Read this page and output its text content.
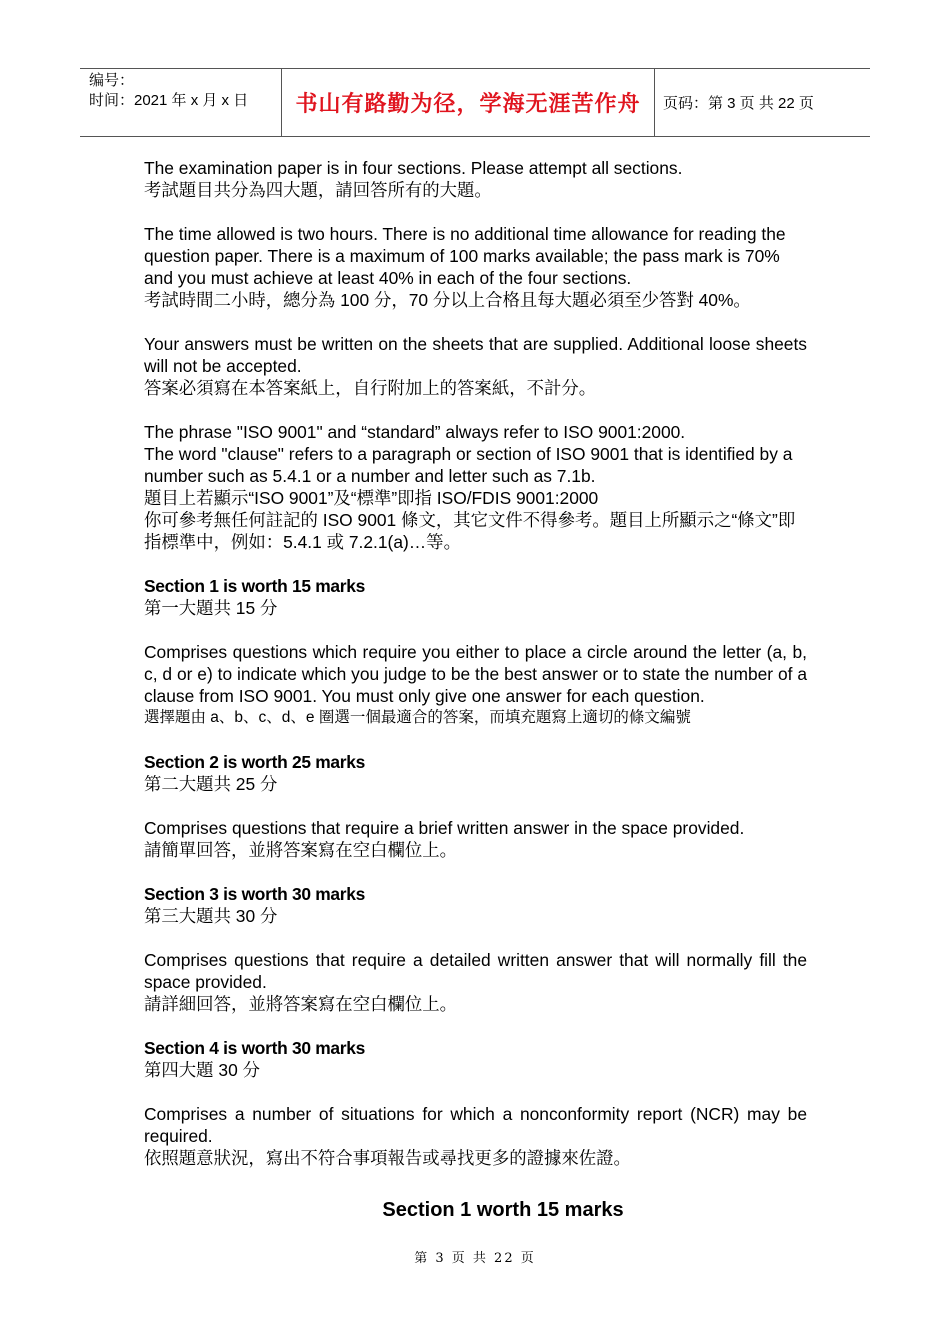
编号：
时间：2021 年 x 月 x 日 书山有路勤为径，学海无涯苦作舟 页码：第 3 页 共 22 页

The examination paper is in four sections. Please attempt all sections.

考試題目共分為四大題，請回答所有的大題。

The time allowed is two hours. There is no additional time allowance for reading the question paper. There is a maximum of 100 marks available; the pass mark is 70% and you must achieve at least 40% in each of the four sections.

考試時間二小時，總分為 100 分，70 分以上合格且每大題必須至少答對 40%。

Your answers must be written on the sheets that are supplied. Additional loose sheets will not be accepted.

答案必須寫在本答案紙上，自行附加上的答案紙，不計分。

The phrase "ISO 9001" and “standard” always refer to ISO 9001:2000.

The word "clause" refers to a paragraph or section of ISO 9001 that is identified by a number such as 5.4.1 or a number and letter such as 7.1b.

題目上若顯示“ISO 9001”及“標準”即指 ISO/FDIS 9001:2000

你可參考無任何註記的 ISO 9001 條文，其它文件不得參考。題目上所顯示之“條文”即指標準中，例如：5.4.1 或 7.2.1(a)…等。

Section 1 is worth 15 marks

第一大題共 15 分

Comprises questions which require you either to place a circle around the letter (a, b, c, d or e) to indicate which you judge to be the best answer or to state the number of a clause from ISO 9001. You must only give one answer for each question.

選擇題由 a、b、c、d、e 圈選一個最適合的答案，而填充題寫上適切的條文編號

Section 2 is worth 25 marks

第二大題共 25 分

Comprises questions that require a brief written answer in the space provided.

請簡單回答，並將答案寫在空白欄位上。

Section 3 is worth 30 marks

第三大題共 30 分

Comprises questions that require a detailed written answer that will normally fill the space provided.

請詳細回答，並將答案寫在空白欄位上。

Section 4 is worth 30 marks

第四大題 30 分

Comprises a number of situations for which a nonconformity report (NCR) may be required.

依照題意狀況，寫出不符合事項報告或尋找更多的證據來佐證。

Section 1 worth 15 marks
第 3 页 共 22 页
